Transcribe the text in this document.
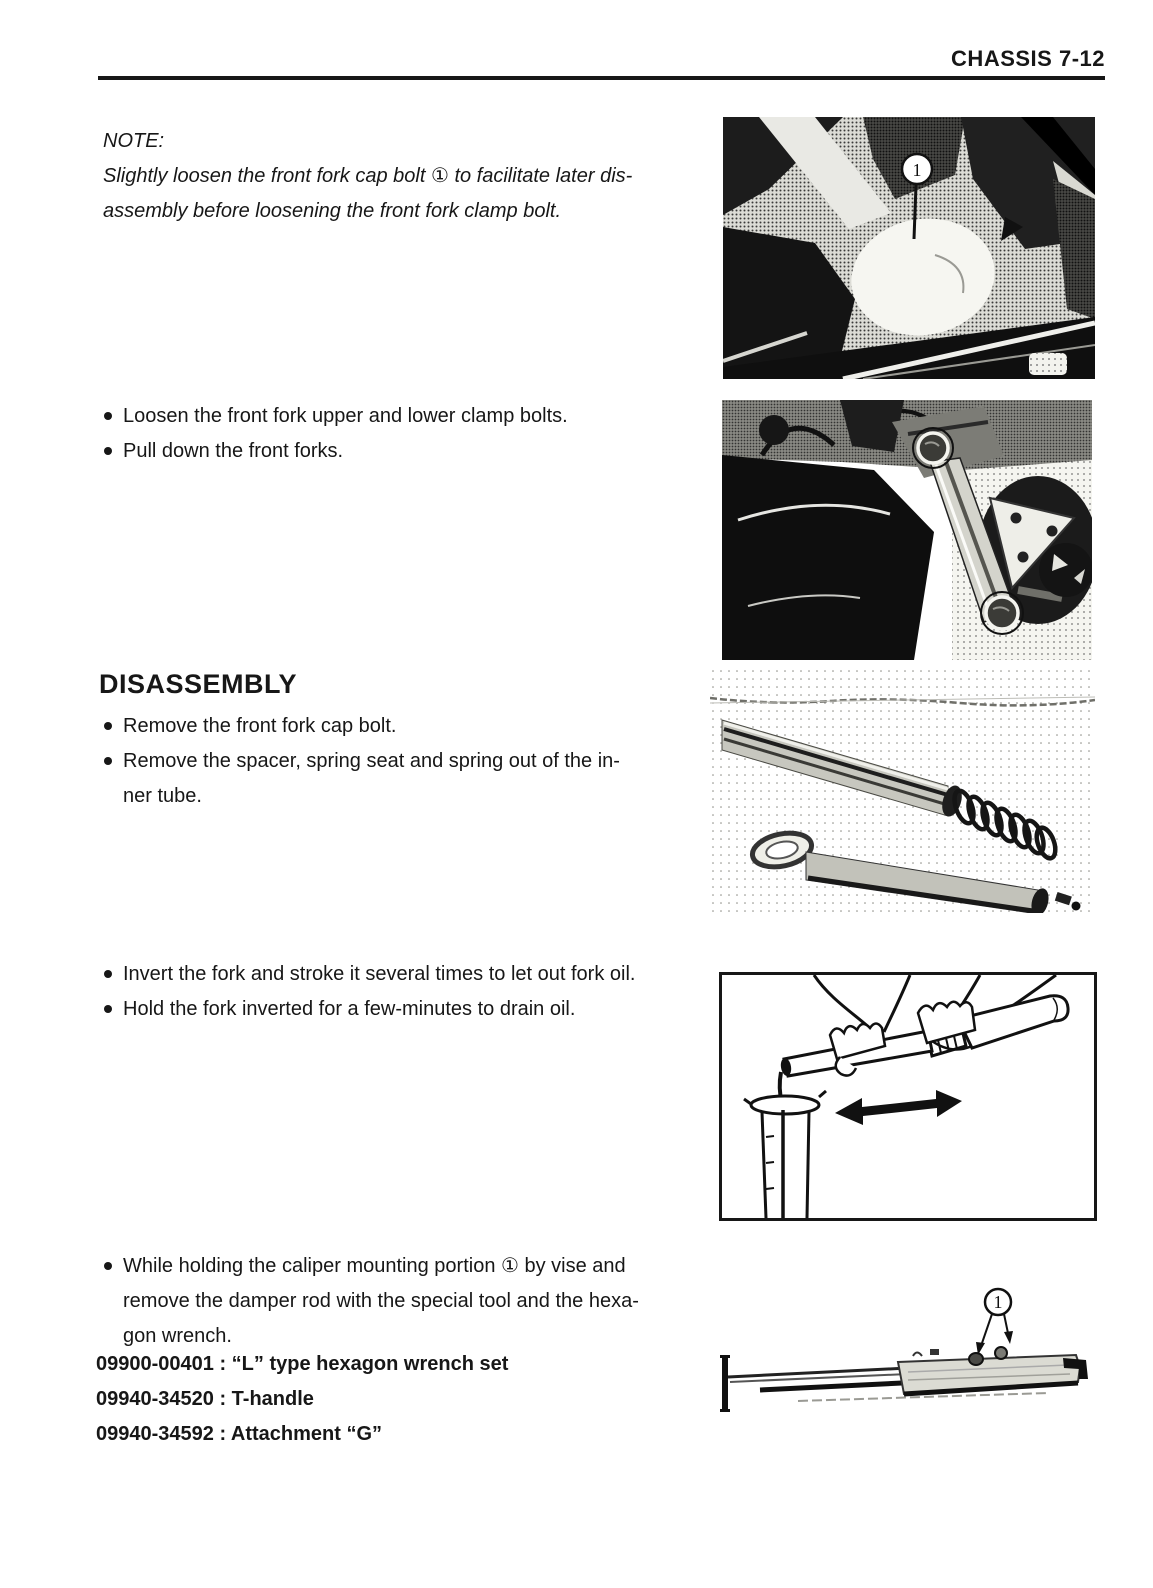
CHASSIS 7-12
NOTE:
Slightly loosen the front fork cap bolt ① to facilitate later dis-
assembly before loosening the front fork clamp bolt.
1
Loosen the front fork upper and lower clamp bolts.
Pull down the front forks.
DISASSEMBLY
Remove the front fork cap bolt.
Remove the spacer, spring seat and spring out of the in-
ner tube.
Invert the fork and stroke it several times to let out fork oil.
Hold the fork inverted for a few-minutes to drain oil.
While holding the caliper mounting portion ① by vise and
remove the damper rod with the special tool and the hexa-
gon wrench.
09900-00401 : “L” type hexagon wrench set
09940-34520 : T-handle
09940-34592 : Attachment “G”
1
